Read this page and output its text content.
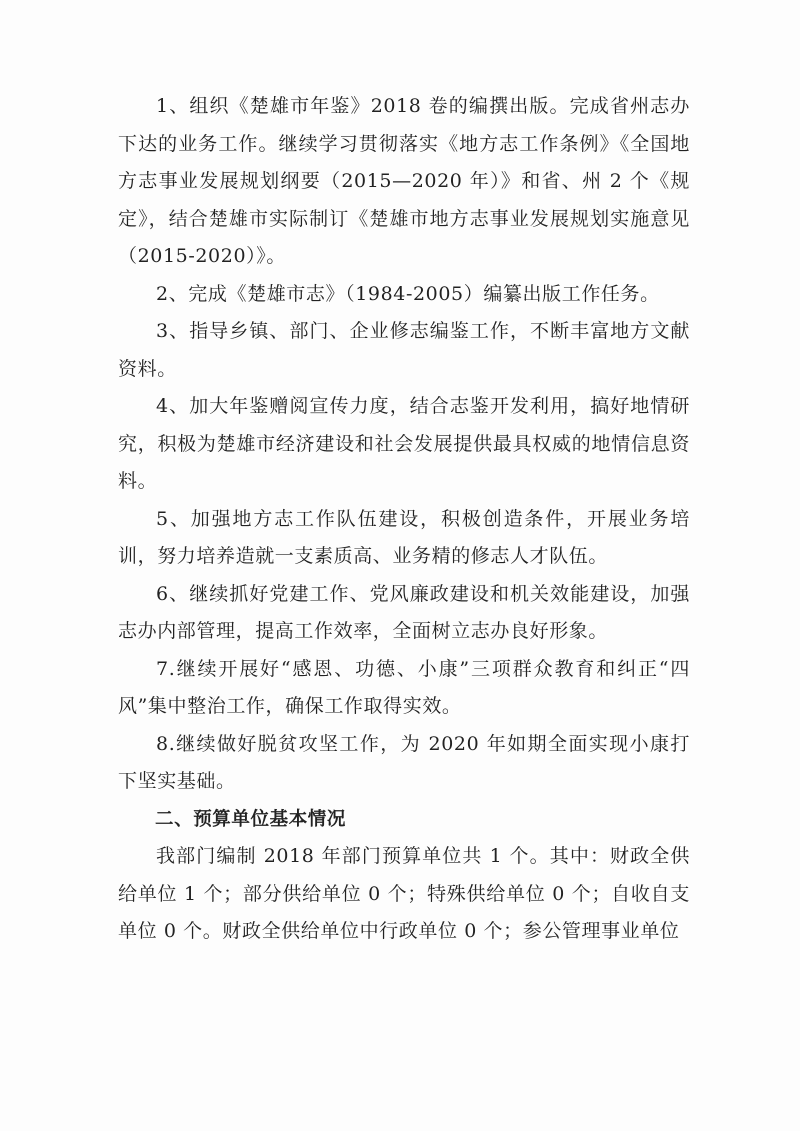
1、组织《楚雄市年鉴》2018 卷的编撰出版。完成省州志办下达的业务工作。继续学习贯彻落实《地方志工作条例》《全国地方志事业发展规划纲要（2015—2020 年）》和省、州 2 个《规定》，结合楚雄市实际制订《楚雄市地方志事业发展规划实施意见（2015-2020）》。

2、完成《楚雄市志》（1984-2005）编纂出版工作任务。

3、指导乡镇、部门、企业修志编鉴工作，不断丰富地方文献资料。

4、加大年鉴赠阅宣传力度，结合志鉴开发利用，搞好地情研究，积极为楚雄市经济建设和社会发展提供最具权威的地情信息资料。

5、加强地方志工作队伍建设，积极创造条件，开展业务培训，努力培养造就一支素质高、业务精的修志人才队伍。

6、继续抓好党建工作、党风廉政建设和机关效能建设，加强志办内部管理，提高工作效率，全面树立志办良好形象。

7.继续开展好“感恩、功德、小康”三项群众教育和纠正“四风”集中整治工作，确保工作取得实效。

8.继续做好脱贫攻坚工作，为 2020 年如期全面实现小康打下坚实基础。

二、预算单位基本情况

我部门编制 2018 年部门预算单位共 1 个。其中：财政全供给单位 1 个；部分供给单位 0 个；特殊供给单位 0 个；自收自支单位 0 个。财政全供给单位中行政单位 0 个；参公管理事业单位
